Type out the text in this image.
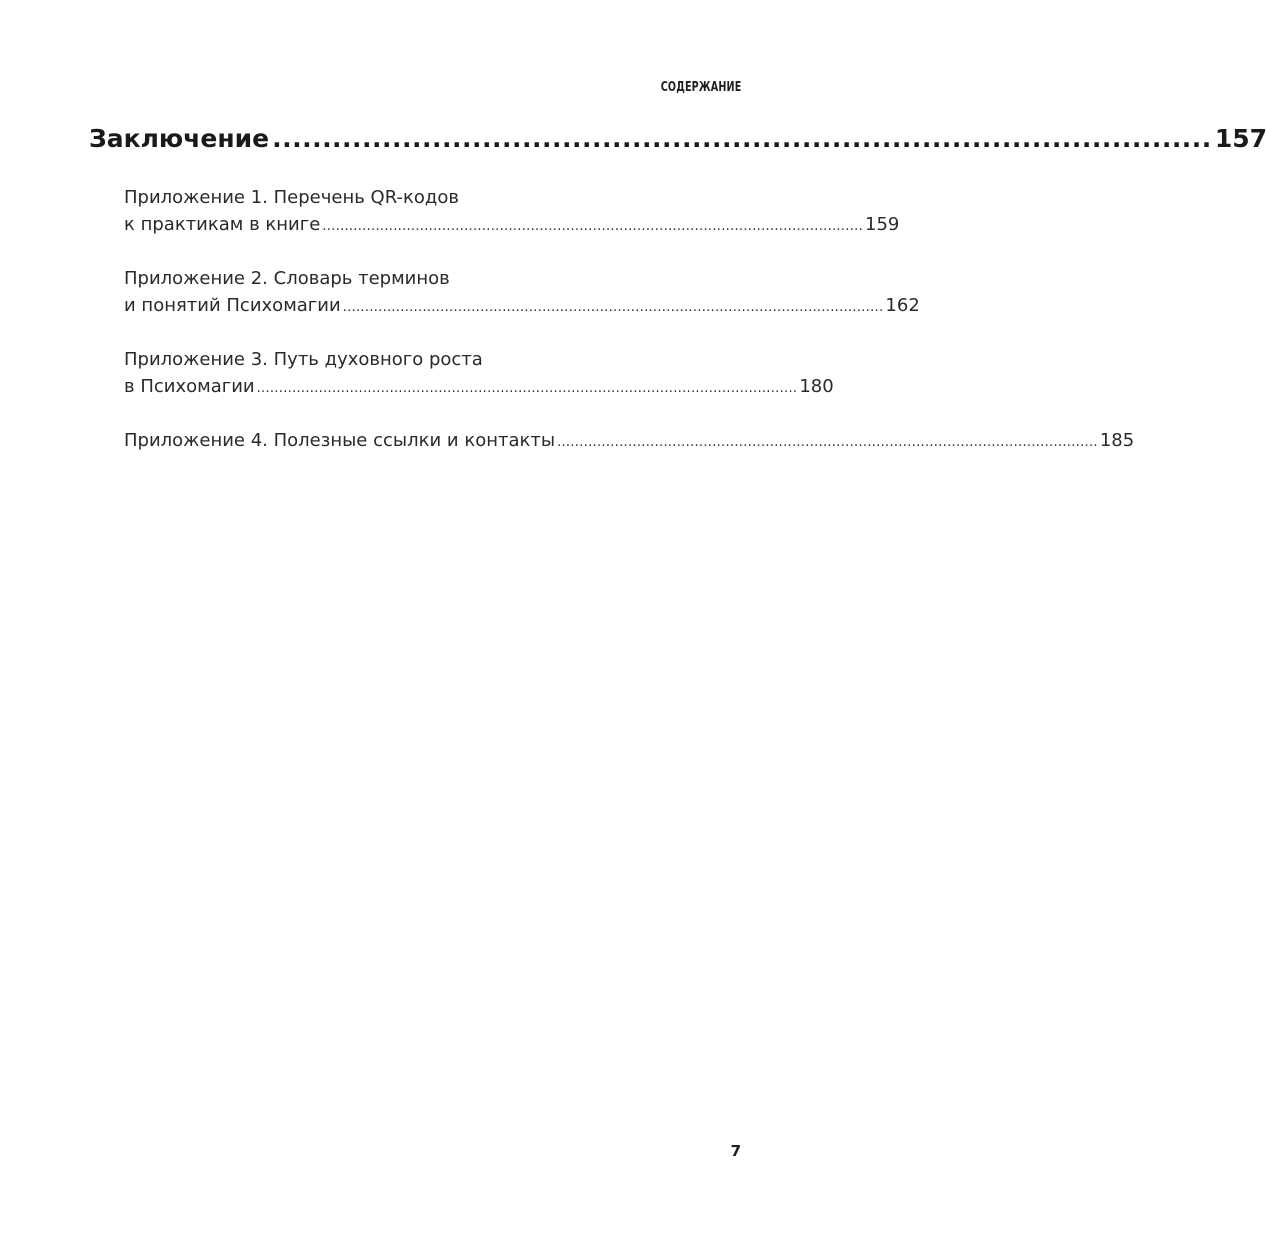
СОДЕРЖАНИЕ
Заключение .............................................................................................. 157
Приложение 1. Перечень QR-кодов
к практикам в книге .......................................................................................................................... 159
Приложение 2. Словарь терминов
и понятий Психомагии .......................................................................................................................... 162
Приложение 3. Путь духовного роста
в Психомагии .......................................................................................................................... 180
Приложение 4. Полезные ссылки и контакты .......................................................................................................................... 185
7
